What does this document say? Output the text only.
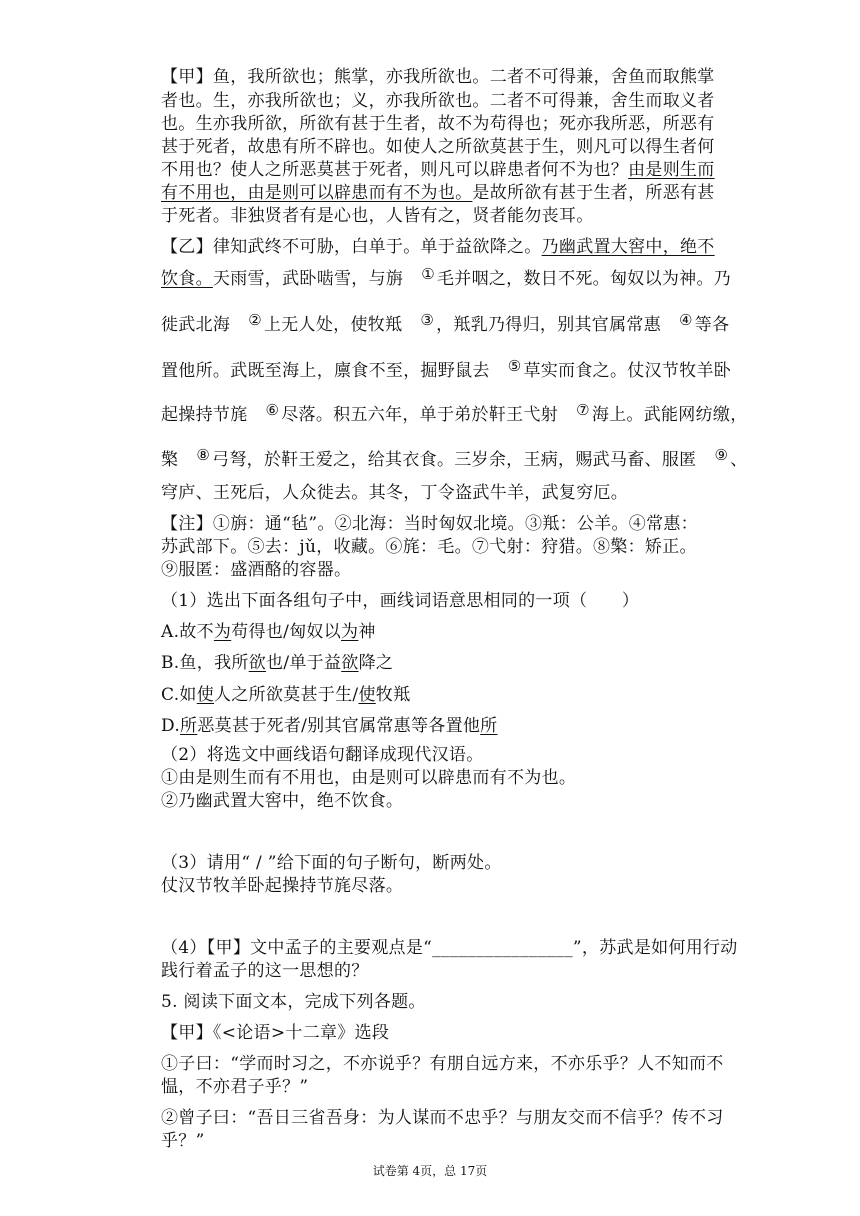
【甲】鱼，我所欲也；熊掌，亦我所欲也。二者不可得兼，舍鱼而取熊掌
者也。生，亦我所欲也；义，亦我所欲也。二者不可得兼，舍生而取义者
也。生亦我所欲，所欲有甚于生者，故不为苟得也；死亦我所恶，所恶有
甚于死者，故患有所不辟也。如使人之所欲莫甚于生，则凡可以得生者何
不用也？使人之所恶莫甚于死者，则凡可以辟患者何不为也？由是则生而
有不用也，由是则可以辟患而有不为也。是故所欲有甚于生者，所恶有甚
于死者。非独贤者有是心也，人皆有之，贤者能勿丧耳。
【乙】律知武终不可胁，白单于。单于益欲降之。乃幽武置大窖中，绝不
饮食。天雨雪，武卧啮雪，与旃 ① 毛并咽之，数日不死。匈奴以为神。乃
徙武北海 ② 上无人处，使牧羝 ③ ，羝乳乃得归，别其官属常惠 ④ 等各
置他所。武既至海上，廪食不至，掘野鼠去 ⑤ 草实而食之。仗汉节牧羊卧
起操持节旄 ⑥ 尽落。积五六年，单于弟於靬王弋射 ⑦ 海上。武能网纺缴，
檠 ⑧ 弓弩，於靬王爱之，给其衣食。三岁余，王病，赐武马畜、服匿 ⑨ 、
穹庐、王死后，人众徙去。其冬，丁令盗武牛羊，武复穷厄。
【注】①旃：通“毡”。②北海：当时匈奴北境。③羝：公羊。④常惠：
苏武部下。⑤去：jǔ，收藏。⑥旄：毛。⑦弋射：狩猎。⑧檠：矫正。
⑨服匿：盛酒酪的容器。
（1）选出下面各组句子中，画线词语意思相同的一项（　　）
A.故不为苟得也/匈奴以为神
B.鱼，我所欲也/单于益欲降之
C.如使人之所欲莫甚于生/使牧羝
D.所恶莫甚于死者/别其官属常惠等各置他所
（2）将选文中画线语句翻译成现代汉语。
①由是则生而有不用也，由是则可以辟患而有不为也。
②乃幽武置大窖中，绝不饮食。
（3）请用“ / ”给下面的句子断句，断两处。
仗汉节牧羊卧起操持节旄尽落。
（4）【甲】文中孟子的主要观点是“________________”，苏武是如何用行动
践行着孟子的这一思想的？
5. 阅读下面文本，完成下列各题。
【甲】《<论语>十二章》选段
①子曰：“学而时习之，不亦说乎？有朋自远方来，不亦乐乎？人不知而不
愠，不亦君子乎？”
②曾子曰：“吾日三省吾身：为人谋而不忠乎？与朋友交而不信乎？传不习
乎？”
试卷第 4页，总 17页
